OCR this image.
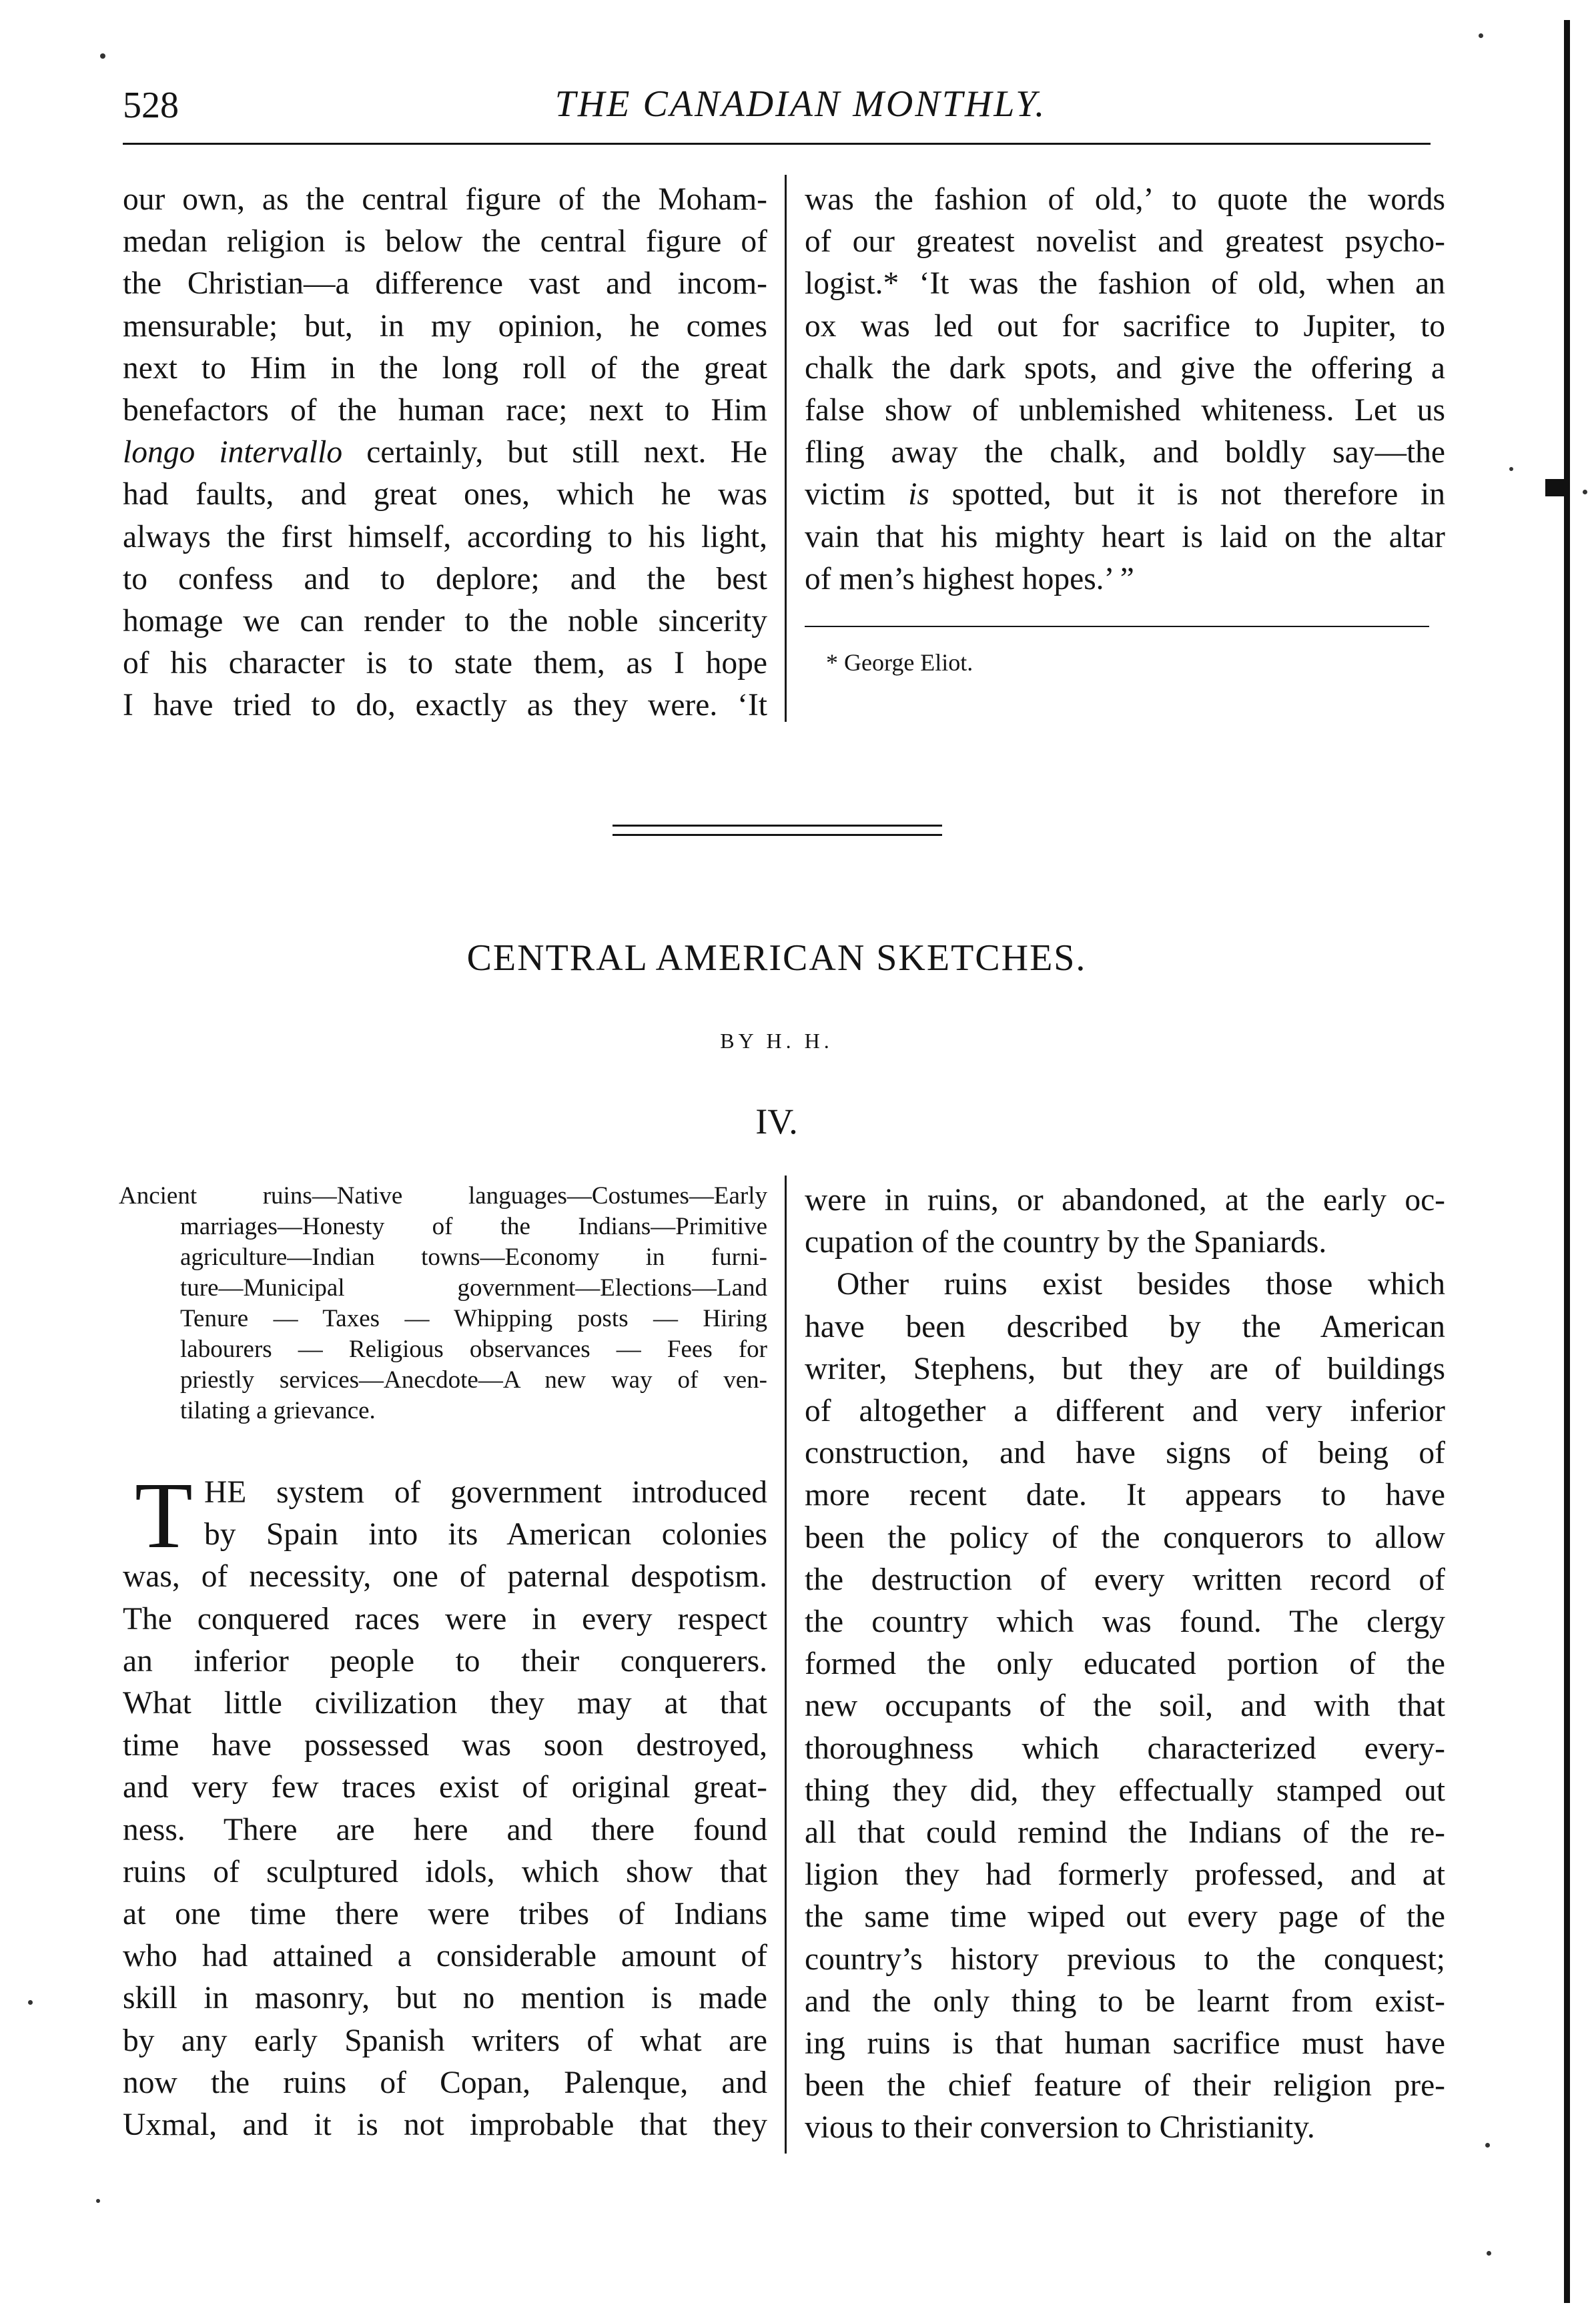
528	THE CANADIAN MONTHLY.
our own, as the central figure of the Moham-
medan religion is below the central figure of
the Christian—a difference vast and incom-
mensurable; but, in my opinion, he comes
next to Him in the long roll of the great
benefactors of the human race; next to Him
longo intervallo certainly, but still next. He
had faults, and great ones, which he was
always the first himself, according to his light,
to confess and to deplore; and the best
homage we can render to the noble sincerity
of his character is to state them, as I hope
I have tried to do, exactly as they were. ‘It
was the fashion of old,’ to quote the words
of our greatest novelist and greatest psycho-
logist.* ‘It was the fashion of old, when an
ox was led out for sacrifice to Jupiter, to
chalk the dark spots, and give the offering a
false show of unblemished whiteness. Let us
fling away the chalk, and boldly say—the
victim is spotted, but it is not therefore in
vain that his mighty heart is laid on the altar
of men’s highest hopes.’ ”
* George Eliot.
CENTRAL AMERICAN SKETCHES.
BY H. H.
IV.
Ancient ruins—Native languages—Costumes—Early
marriages—Honesty of the Indians—Primitive
agriculture—Indian towns—Economy in furni-
ture—Municipal government—Elections—Land
Tenure — Taxes — Whipping posts — Hiring
labourers — Religious observances — Fees for
priestly services—Anecdote—A new way of ven-
tilating a grievance.
T HE system of government introduced
by Spain into its American colonies
was, of necessity, one of paternal despotism.
The conquered races were in every respect
an inferior people to their conquerers.
What little civilization they may at that
time have possessed was soon destroyed,
and very few traces exist of original great-
ness. There are here and there found
ruins of sculptured idols, which show that
at one time there were tribes of Indians
who had attained a considerable amount of
skill in masonry, but no mention is made
by any early Spanish writers of what are
now the ruins of Copan, Palenque, and
Uxmal, and it is not improbable that they
were in ruins, or abandoned, at the early oc-
cupation of the country by the Spaniards.
Other ruins exist besides those which
have been described by the American
writer, Stephens, but they are of buildings
of altogether a different and very inferior
construction, and have signs of being of
more recent date. It appears to have
been the policy of the conquerors to allow
the destruction of every written record of
the country which was found. The clergy
formed the only educated portion of the
new occupants of the soil, and with that
thoroughness which characterized every-
thing they did, they effectually stamped out
all that could remind the Indians of the re-
ligion they had formerly professed, and at
the same time wiped out every page of the
country’s history previous to the conquest;
and the only thing to be learnt from exist-
ing ruins is that human sacrifice must have
been the chief feature of their religion pre-
vious to their conversion to Christianity.
